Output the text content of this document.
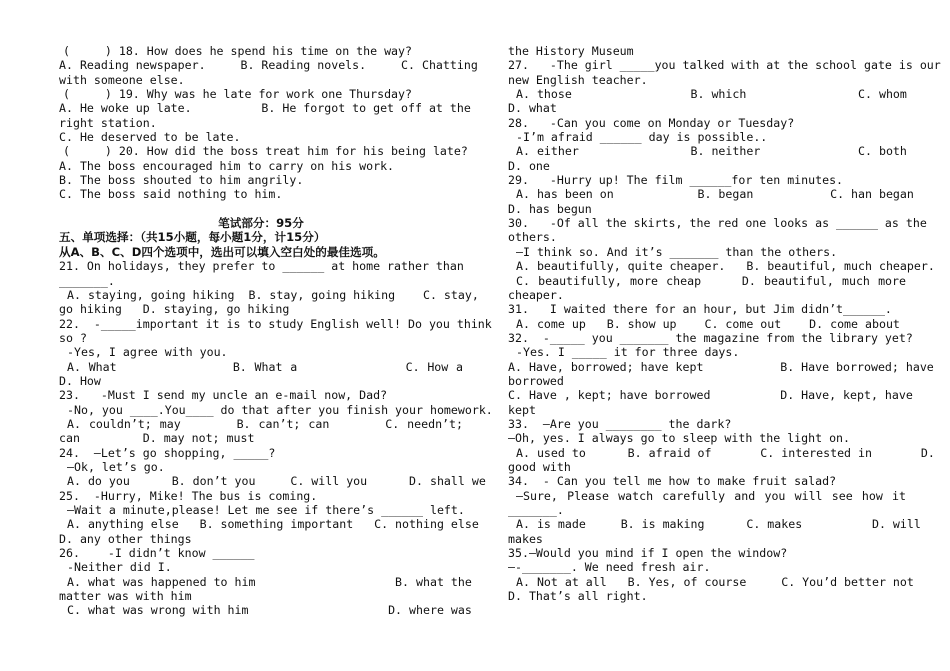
(     ) 18. How does he spend his time on the way?
A. Reading newspaper.     B. Reading novels.     C. Chatting
with someone else.
(     ) 19. Why was he late for work one Thursday?
A. He woke up late.          B. He forgot to get off at the
right station.
C. He deserved to be late.
(     ) 20. How did the boss treat him for his being late?
A. The boss encouraged him to carry on his work.
B. The boss shouted to him angrily.
C. The boss said nothing to him.
笔试部分：95分
五、单项选择：（共15小题，每小题1分，计15分）
从A、B、C、D四个选项中，选出可以填入空白处的最佳选项。
21. On holidays, they prefer to ______ at home rather than
_______.
A. staying, going hiking  B. stay, going hiking    C. stay,
go hiking   D. staying, go hiking
22.  -_____important it is to study English well! Do you think
so ?
-Yes, I agree with you.
A. What               B. What a              C. How a
D. How
23.   -Must I send my uncle an e-mail now, Dad?
-No, you ____.You____ do that after you finish your homework.
A. couldn’t; may       B. can’t; can       C. needn’t;
can         D. may not; must
24.  —Let’s go shopping, _____?
—Ok, let’s go.
A. do you      B. don’t you     C. will you      D. shall we
25.  -Hurry, Mike! The bus is coming.
—Wait a minute,please! Let me see if there’s ______ left.
A. anything else   B. something important   C. nothing else
D. any other things
26.    -I didn’t know ______
-Neither did I.
A. what was happened to him                    B. what the
matter was with him
C. what was wrong with him                    D. where was
the History Museum
27.   -The girl _____you talked with at the school gate is our
new English teacher.
A. those                 B. which                C. whom
D. what
28.   -Can you come on Monday or Tuesday?
-I’m afraid ______ day is possible..
A. either                B. neither              C. both
D. one
29.   -Hurry up! The film ______for ten minutes.
A. has been on            B. began           C. han began
D. has begun
30.   -Of all the skirts, the red one looks as ______ as the
others.
—I think so. And it’s _______ than the others.
A. beautifully, quite cheaper.   B. beautiful, much cheaper.
C. beautifully, more cheap     D. beautiful, much more
cheaper.
31.   I waited there for an hour, but Jim didn’t______.
A. come up   B. show up    C. come out    D. come about
32.  -_____ you _______ the magazine from the library yet?
-Yes. I _____ it for three days.
A. Have, borrowed; have kept           B. Have borrowed; have
borrowed
C. Have , kept; have borrowed          D. Have, kept, have
kept
33.  —Are you ________ the dark?
—Oh, yes. I always go to sleep with the light on.
A. used to      B. afraid of       C. interested in       D.
good with
34.  - Can you tell me how to make fruit salad?
—Sure, Please watch carefully and you will see how it
_______.
A. is made     B. is making      C. makes          D. will
makes
35.—Would you mind if I open the window?
—-_______. We need fresh air.
A. Not at all   B. Yes, of course     C. You’d better not
D. That’s all right.
